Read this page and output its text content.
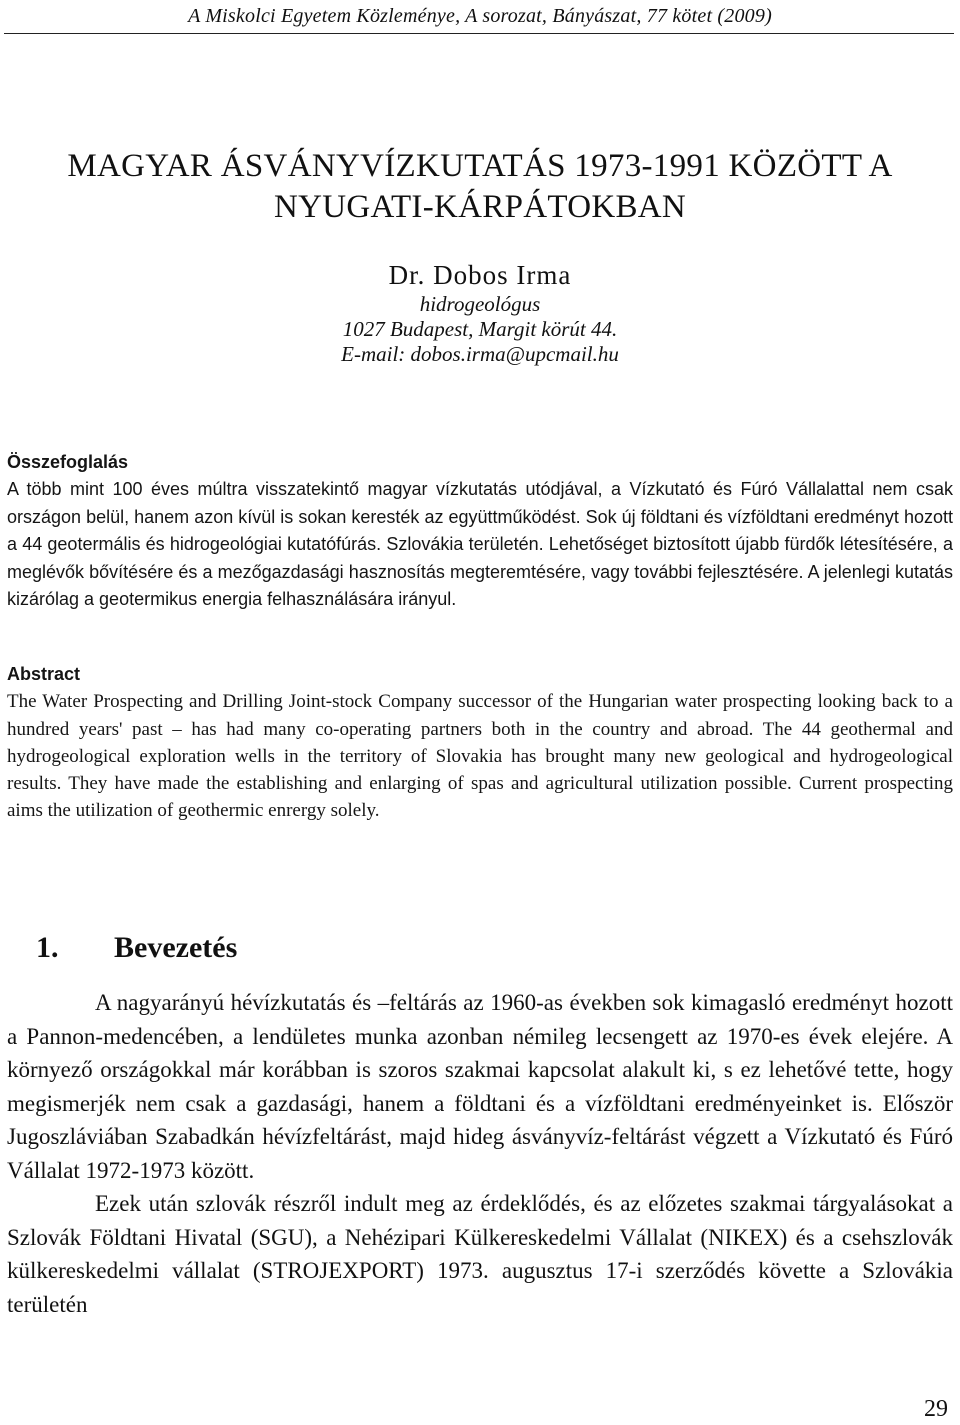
A Miskolci Egyetem Közleménye, A sorozat, Bányászat, 77 kötet (2009)
MAGYAR ÁSVÁNYVÍZKUTATÁS 1973-1991 KÖZÖTT A
NYUGATI-KÁRPÁTOKBAN
Dr. Dobos Irma
hidrogeológus
1027 Budapest, Margit körút 44.
E-mail: dobos.irma@upcmail.hu
Összefoglalás
A több mint 100 éves múltra visszatekintő magyar vízkutatás utódjával, a Vízkutató és Fúró Vállalattal nem csak országon belül, hanem azon kívül is sokan keresték az együttműködést. Sok új földtani és vízföldtani eredményt hozott a 44 geotermális és hidrogeológiai kutatófúrás. Szlovákia területén. Lehetőséget biztosított újabb fürdők létesítésére, a meglévők bővítésére és a mezőgazdasági hasznosítás megteremtésére, vagy további fejlesztésére. A jelenlegi kutatás kizárólag a geotermikus energia felhasználására irányul.
Abstract
The Water Prospecting and Drilling Joint-stock Company successor of the Hungarian water prospecting looking back to a hundred years' past – has had many co-operating partners both in the country and abroad. The 44 geothermal and hydrogeological exploration wells in the territory of Slovakia has brought many new geological and hydrogeological results. They have made the establishing and enlarging of spas and agricultural utilization possible. Current prospecting aims the utilization of geothermic enrergy solely.
1. Bevezetés

A nagyarányú hévízkutatás és –feltárás az 1960-as években sok kimagasló eredményt hozott a Pannon-medencében, a lendületes munka azonban némileg lecsengett az 1970-es évek elejére. A környező országokkal már korábban is szoros szakmai kapcsolat alakult ki, s ez lehetővé tette, hogy megismerjék nem csak a gazdasági, hanem a földtani és a vízföldtani eredményeinket is. Először Jugoszláviában Szabadkán hévízfeltárást, majd hideg ásványvíz-feltárást végzett a Vízkutató és Fúró Vállalat 1972-1973 között.

Ezek után szlovák részről indult meg az érdeklődés, és az előzetes szakmai tárgyalásokat a Szlovák Földtani Hivatal (SGU), a Nehézipari Külkereskedelmi Vállalat (NIKEX) és a csehszlovák külkereskedelmi vállalat (STROJEXPORT) 1973. augusztus 17-i szerződés követte a Szlovákia területén

29
